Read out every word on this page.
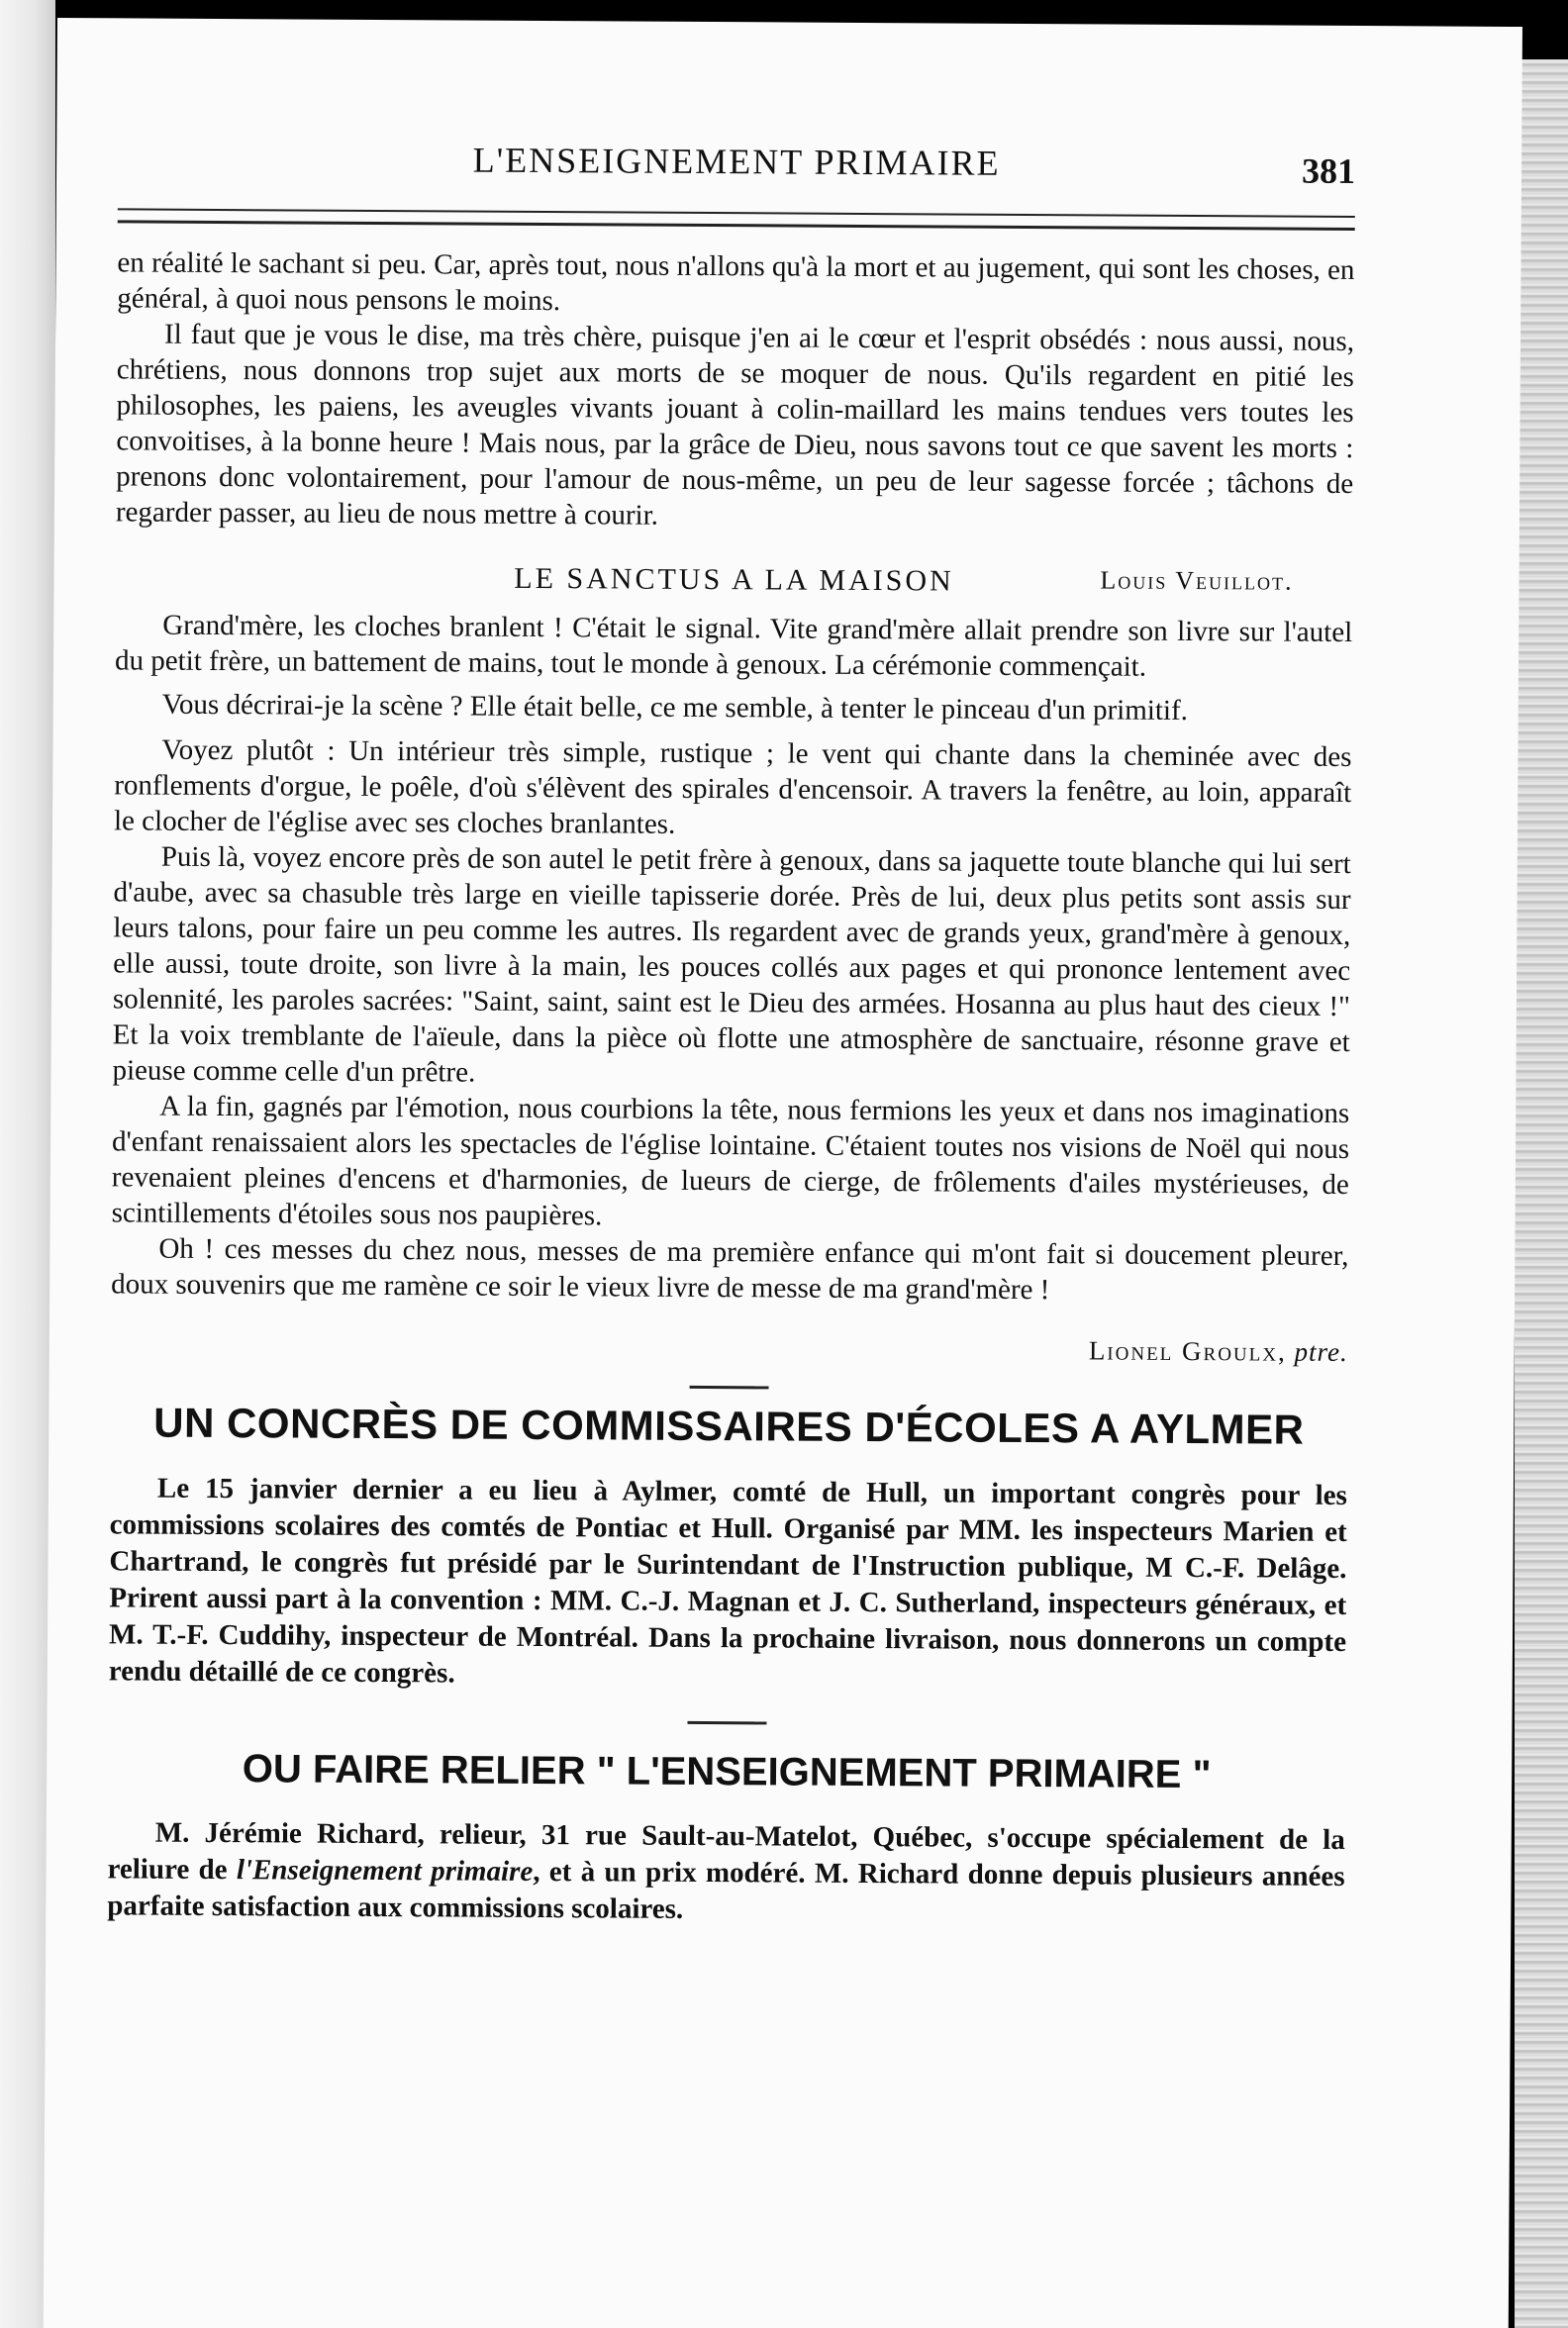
L'ENSEIGNEMENT PRIMAIRE	381

en réalité le sachant si peu. Car, après tout, nous n'allons qu'à la mort et au jugement, qui sont les choses, en général, à quoi nous pensons le moins.

Il faut que je vous le dise, ma très chère, puisque j'en ai le cœur et l'esprit obsédés : nous aussi, nous, chrétiens, nous donnons trop sujet aux morts de se moquer de nous. Qu'ils regardent en pitié les philosophes, les paiens, les aveugles vivants jouant à colin-maillard les mains tendues vers toutes les convoitises, à la bonne heure ! Mais nous, par la grâce de Dieu, nous savons tout ce que savent les morts : prenons donc volontairement, pour l'amour de nous-même, un peu de leur sagesse forcée ; tâchons de regarder passer, au lieu de nous mettre à courir.

LE SANCTUS A LA MAISON	Louis Veuillot.

Grand'mère, les cloches branlent ! C'était le signal. Vite grand'mère allait prendre son livre sur l'autel du petit frère, un battement de mains, tout le monde à genoux. La cérémonie commençait.

Vous décrirai-je la scène ? Elle était belle, ce me semble, à tenter le pinceau d'un primitif.

Voyez plutôt : Un intérieur très simple, rustique ; le vent qui chante dans la cheminée avec des ronflements d'orgue, le poêle, d'où s'élèvent des spirales d'encensoir. A travers la fenêtre, au loin, apparaît le clocher de l'église avec ses cloches branlantes.

Puis là, voyez encore près de son autel le petit frère à genoux, dans sa jaquette toute blanche qui lui sert d'aube, avec sa chasuble très large en vieille tapisserie dorée. Près de lui, deux plus petits sont assis sur leurs talons, pour faire un peu comme les autres. Ils regardent avec de grands yeux, grand'mère à genoux, elle aussi, toute droite, son livre à la main, les pouces collés aux pages et qui prononce lentement avec solennité, les paroles sacrées: "Saint, saint, saint est le Dieu des armées. Hosanna au plus haut des cieux !" Et la voix tremblante de l'aïeule, dans la pièce où flotte une atmosphère de sanctuaire, résonne grave et pieuse comme celle d'un prêtre.

A la fin, gagnés par l'émotion, nous courbions la tête, nous fermions les yeux et dans nos imaginations d'enfant renaissaient alors les spectacles de l'église lointaine. C'étaient toutes nos visions de Noël qui nous revenaient pleines d'encens et d'harmonies, de lueurs de cierge, de frôlements d'ailes mystérieuses, de scintillements d'étoiles sous nos paupières.

Oh ! ces messes du chez nous, messes de ma première enfance qui m'ont fait si doucement pleurer, doux souvenirs que me ramène ce soir le vieux livre de messe de ma grand'mère !

Lionel Groulx, ptre.
UN CONCRÈS DE COMMISSAIRES D'ÉCOLES A AYLMER

Le 15 janvier dernier a eu lieu à Aylmer, comté de Hull, un important congrès pour les commissions scolaires des comtés de Pontiac et Hull. Organisé par MM. les inspecteurs Marien et Chartrand, le congrès fut présidé par le Surintendant de l'Instruction publique, M C.-F. Delâge. Prirent aussi part à la convention : MM. C.-J. Magnan et J. C. Sutherland, inspecteurs généraux, et M. T.-F. Cuddihy, inspecteur de Montréal. Dans la prochaine livraison, nous donnerons un compte rendu détaillé de ce congrès.

OU FAIRE RELIER " L'ENSEIGNEMENT PRIMAIRE "

M. Jérémie Richard, relieur, 31 rue Sault-au-Matelot, Québec, s'occupe spécialement de la reliure de l'Enseignement primaire, et à un prix modéré. M. Richard donne depuis plusieurs années parfaite satisfaction aux commissions scolaires.
